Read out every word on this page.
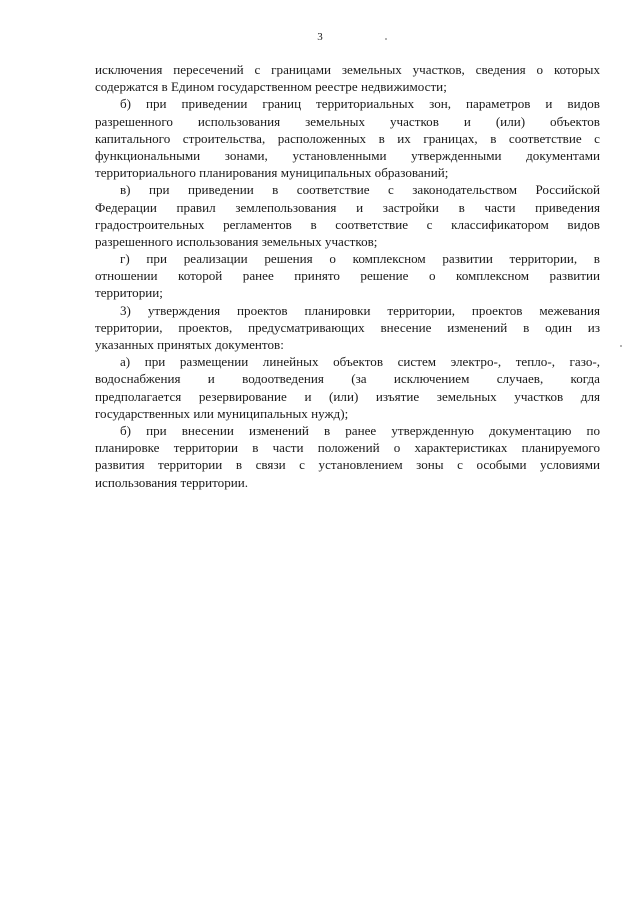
3
исключения пересечений с границами земельных участков, сведения о которых
содержатся в Едином государственном реестре недвижимости;
б) при приведении границ территориальных зон, параметров и видов
разрешенного использования земельных участков и (или) объектов
капитального строительства, расположенных в их границах, в соответствие с
функциональными зонами, установленными утвержденными документами
территориального планирования муниципальных образований;
в) при приведении в соответствие с законодательством Российской
Федерации правил землепользования и застройки в части приведения
градостроительных регламентов в соответствие с классификатором видов
разрешенного использования земельных участков;
г) при реализации решения о комплексном развитии территории, в
отношении которой ранее принято решение о комплексном развитии
территории;
3) утверждения проектов планировки территории, проектов межевания
территории, проектов, предусматривающих внесение изменений в один из
указанных принятых документов:
а) при размещении линейных объектов систем электро-, тепло-, газо-,
водоснабжения и водоотведения (за исключением случаев, когда
предполагается резервирование и (или) изъятие земельных участков для
государственных или муниципальных нужд);
б) при внесении изменений в ранее утвержденную документацию по
планировке территории в части положений о характеристиках планируемого
развития территории в связи с установлением зоны с особыми условиями
использования территории.
